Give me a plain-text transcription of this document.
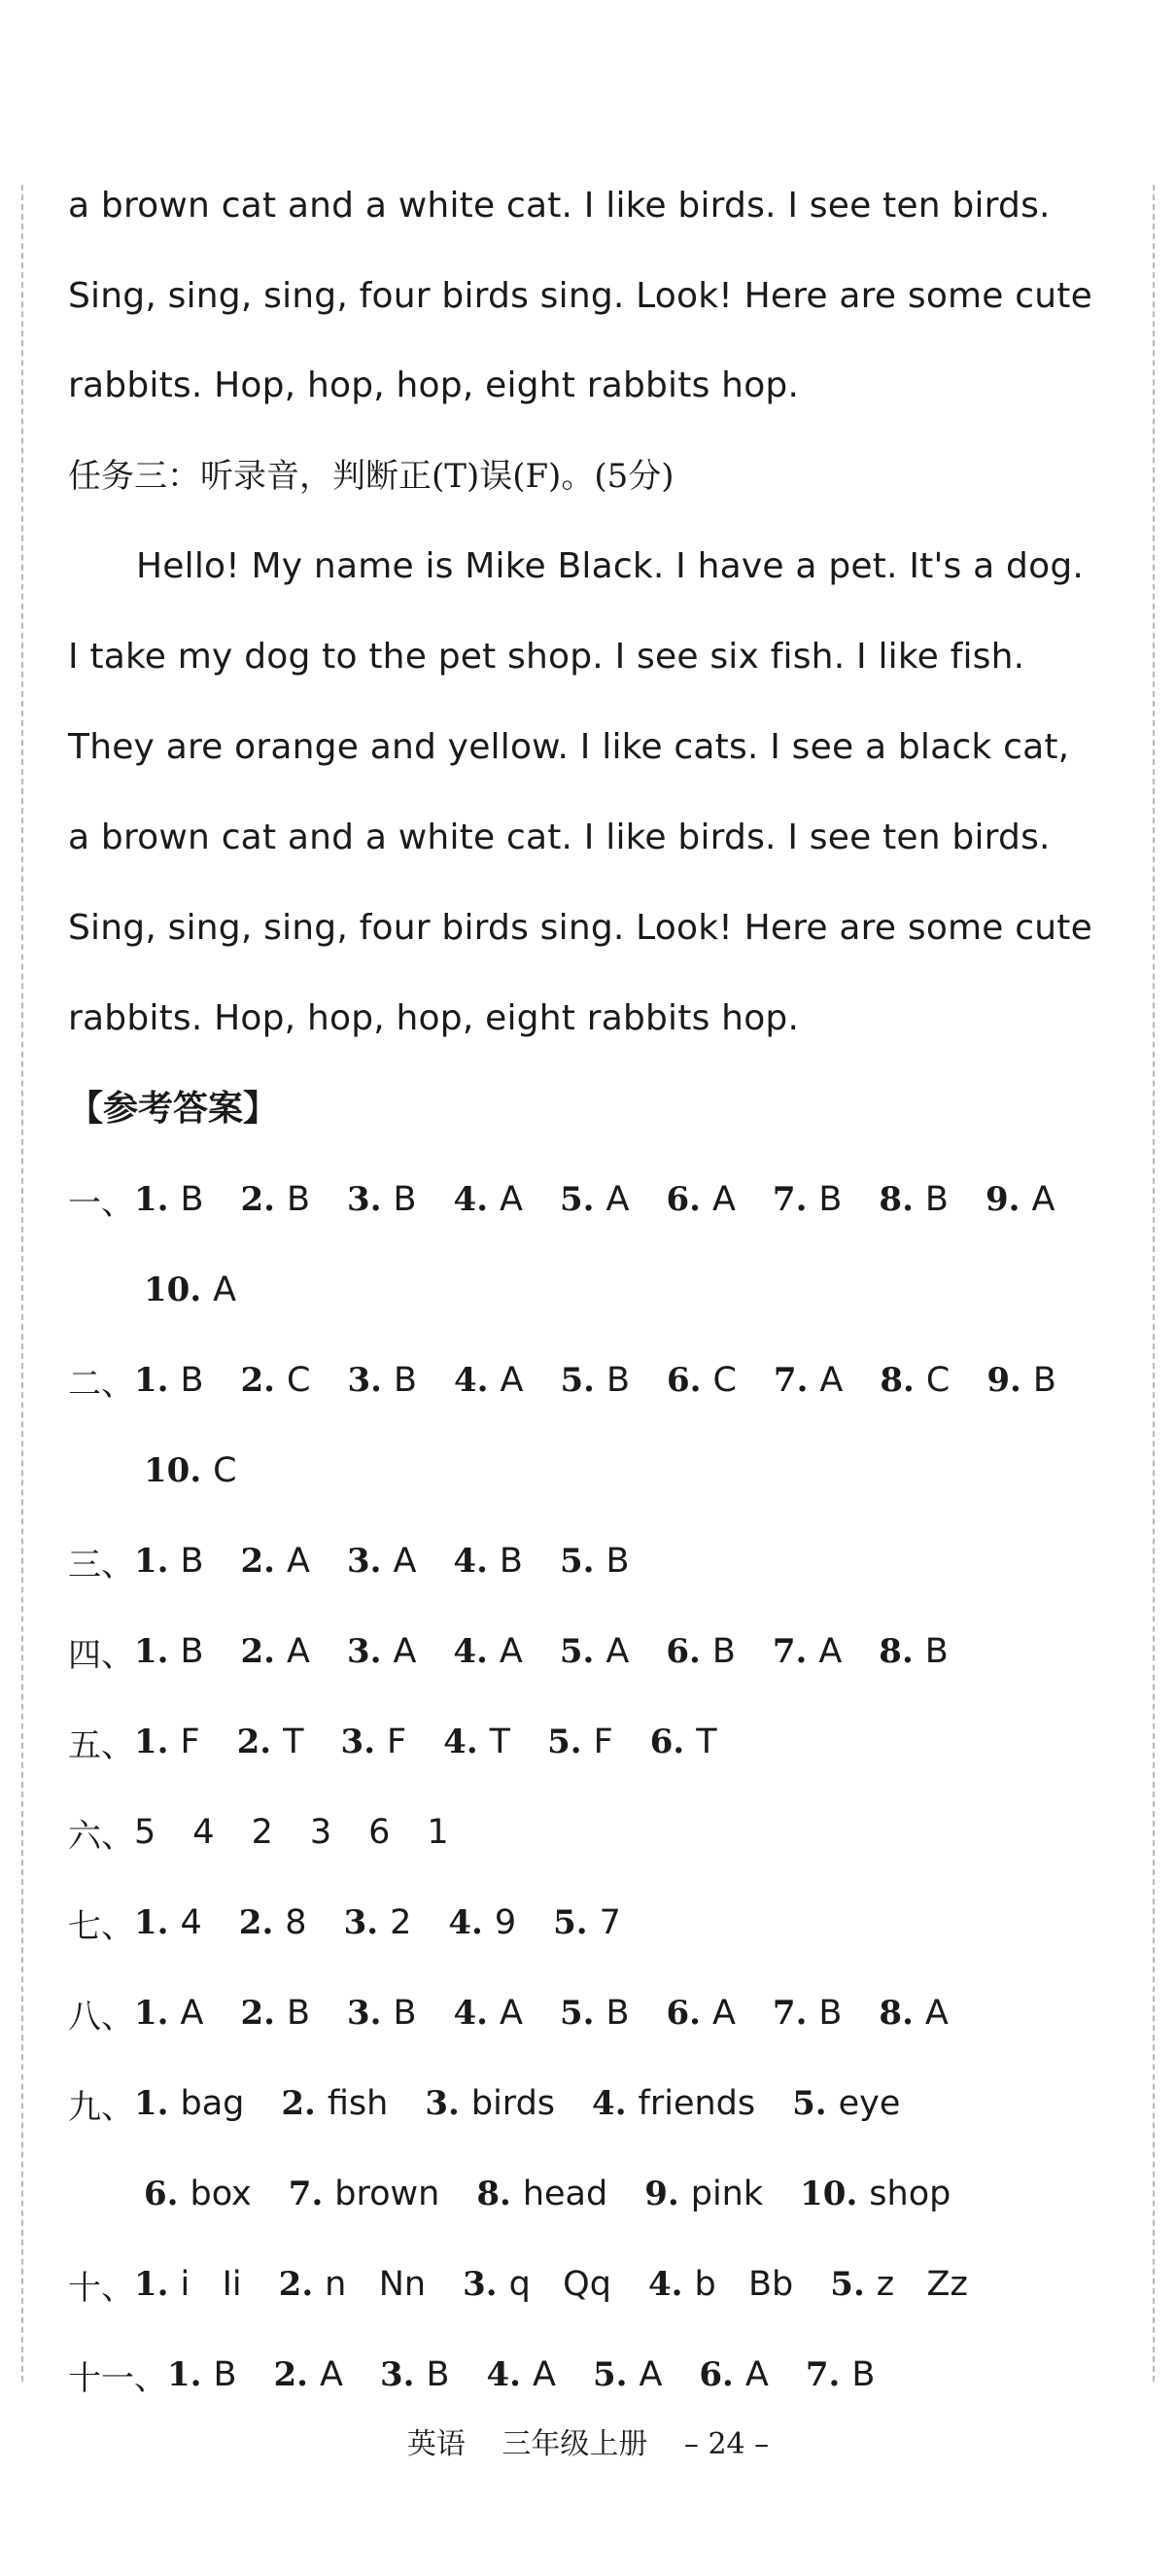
a brown cat and a white cat. I like birds. I see ten birds.
Sing, sing, sing, four birds sing. Look! Here are some cute
rabbits. Hop, hop, hop, eight rabbits hop.
任务三：听录音，判断正(T)误(F)。(5分)
Hello! My name is Mike Black. I have a pet. It's a dog.
I take my dog to the pet shop. I see six fish. I like fish.
They are orange and yellow. I like cats. I see a black cat,
a brown cat and a white cat. I like birds. I see ten birds.
Sing, sing, sing, four birds sing. Look! Here are some cute
rabbits. Hop, hop, hop, eight rabbits hop.
【参考答案】
一、 1. B 2. B 3. B 4. A 5. A 6. A 7. B 8. B 9. A
10. A
二、 1. B 2. C 3. B 4. A 5. B 6. C 7. A 8. C 9. B
10. C
三、 1. B 2. A 3. A 4. B 5. B
四、 1. B 2. A 3. A 4. A 5. A 6. B 7. A 8. B
五、 1. F 2. T 3. F 4. T 5. F 6. T
六、 5 4 2 3 6 1
七、 1. 4 2. 8 3. 2 4. 9 5. 7
八、 1. A 2. B 3. B 4. A 5. B 6. A 7. B 8. A
九、 1. bag 2. fish 3. birds 4. friends 5. eye
6. box 7. brown 8. head 9. pink 10. shop
十、 1. i   Ii 2. n   Nn 3. q   Qq 4. b   Bb 5. z   Zz
十一、 1. B 2. A 3. B 4. A 5. A 6. A 7. B
英语 三年级上册 – 24 –
